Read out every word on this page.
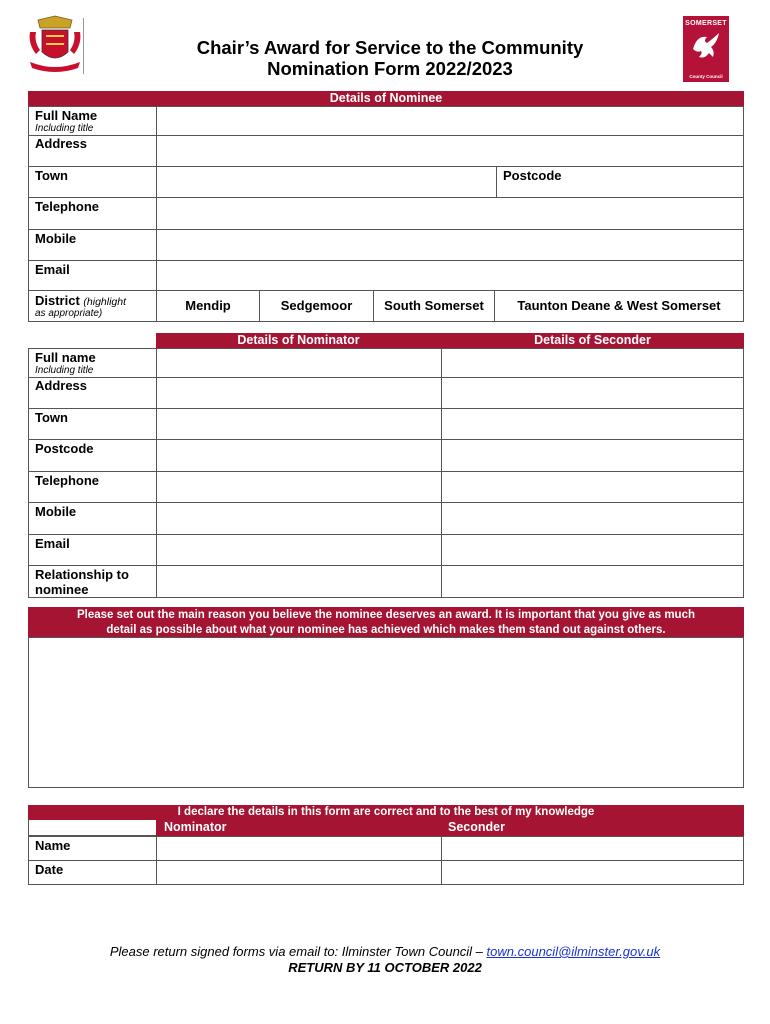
Chair’s Award for Service to the Community
Nomination Form 2022/2023
SOMERSET
County Council
Details of Nominee
Full Name
Including title
Address
Town	Postcode
Telephone
Mobile
Email
District (highlight
as appropriate)
Mendip	Sedgemoor	South Somerset	Taunton Deane & West Somerset
Details of Nominator	Details of Seconder
Full name
Including title
Address
Town
Postcode
Telephone
Mobile
Email
Relationship to
nominee
Please set out the main reason you believe the nominee deserves an award. It is important that you give as much
detail as possible about what your nominee has achieved which makes them stand out against others.
I declare the details in this form are correct and to the best of my knowledge
Nominator	Seconder
Name
Date
Please return signed forms via email to: Ilminster Town Council – town.council@ilminster.gov.uk
RETURN BY 11 OCTOBER 2022
